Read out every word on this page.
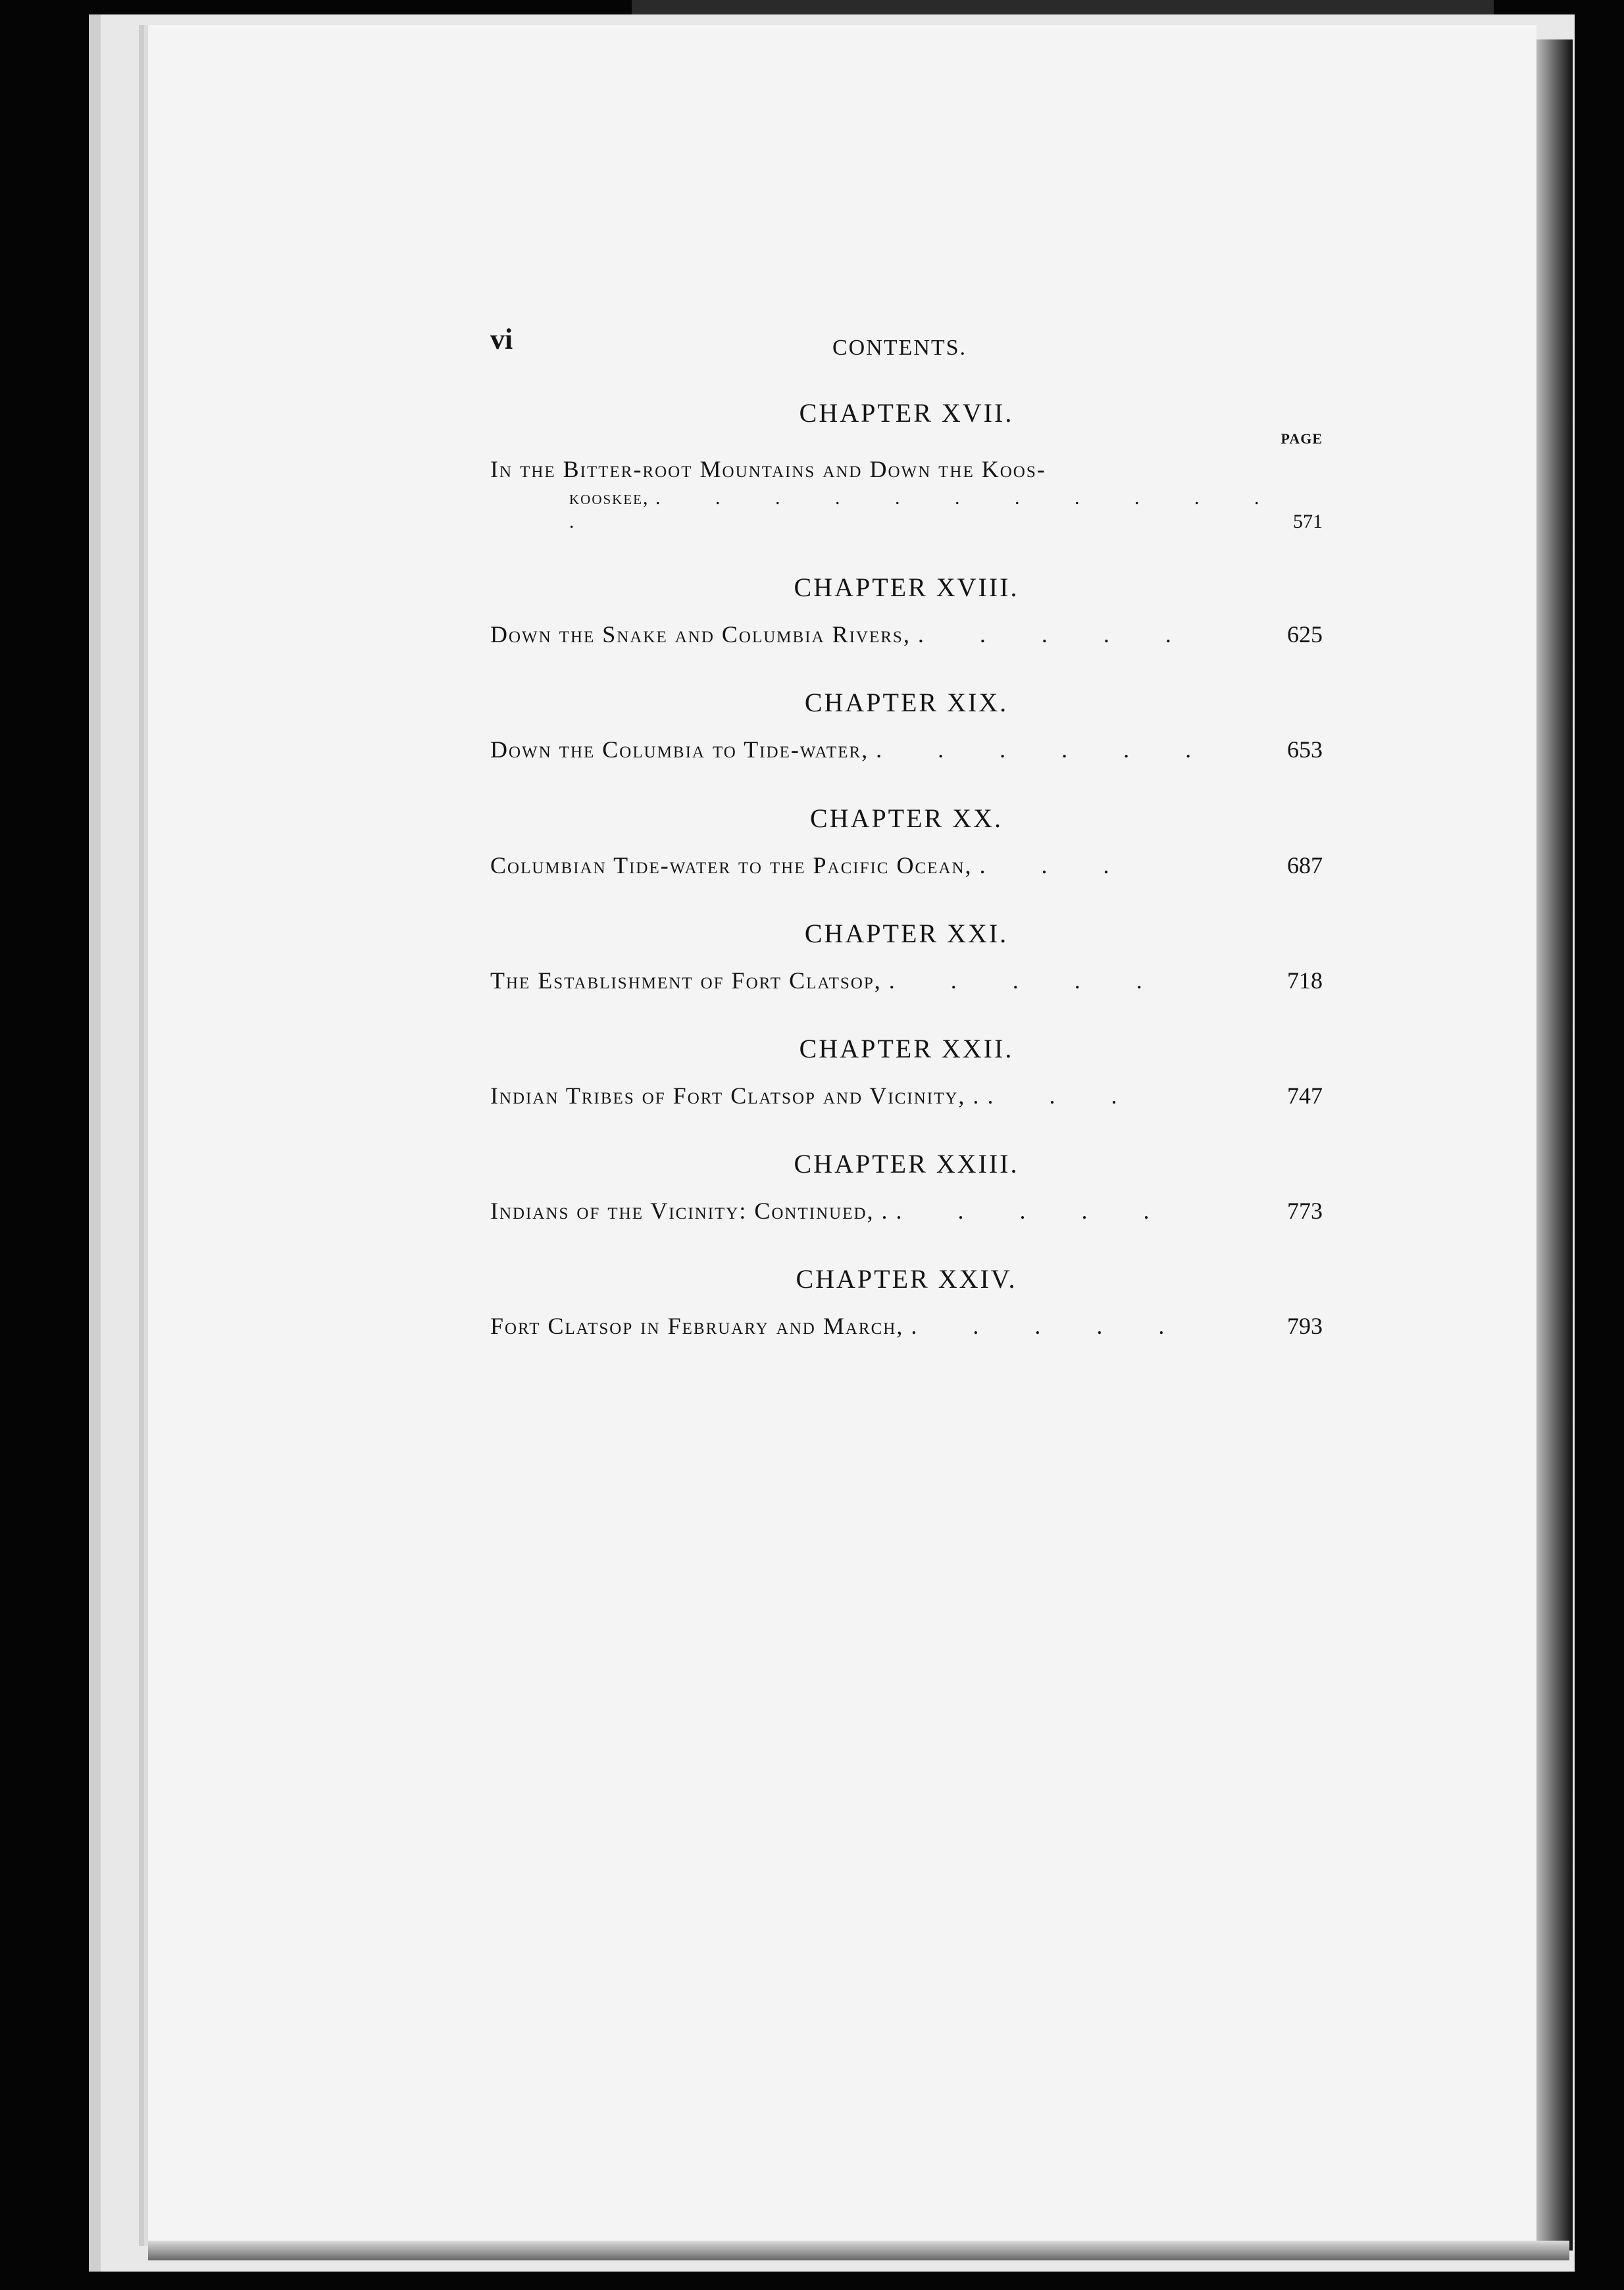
vi	CONTENTS.
CHAPTER XVII.
PAGE
In the Bitter-root Mountains and Down the Koos-
kooskee, . . . . . . . . . . . .	571
CHAPTER XVIII.
Down the Snake and Columbia Rivers, . . . . .	625
CHAPTER XIX.
Down the Columbia to Tide-water, . . . . . .	653
CHAPTER XX.
Columbian Tide-water to the Pacific Ocean, . . .	687
CHAPTER XXI.
The Establishment of Fort Clatsop, . . . . .	718
CHAPTER XXII.
Indian Tribes of Fort Clatsop and Vicinity, . . . .	747
CHAPTER XXIII.
Indians of the Vicinity: Continued, . . . . . .	773
CHAPTER XXIV.
Fort Clatsop in February and March, . . . . .	793
